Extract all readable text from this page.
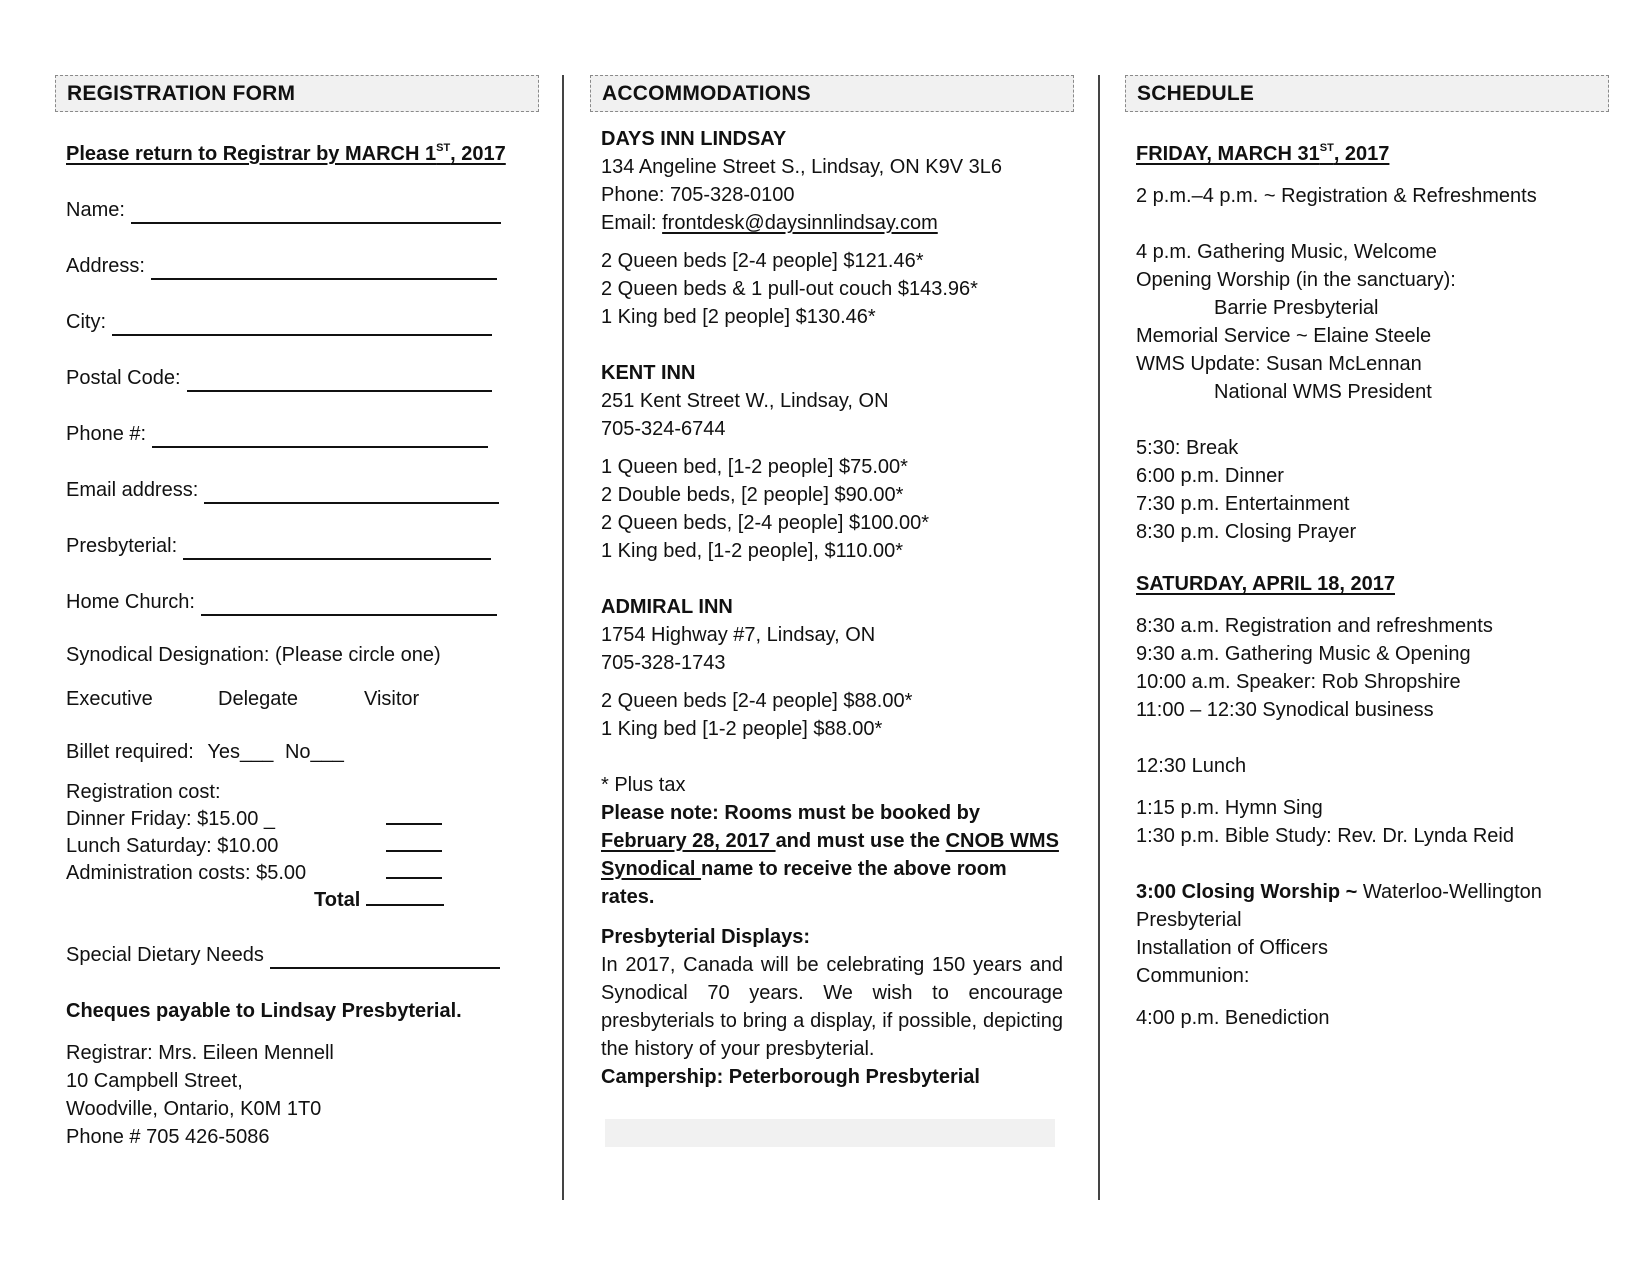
REGISTRATION FORM
Please return to Registrar by MARCH 1ST, 2017
Name:
Address:
City:
Postal Code:
Phone #:
Email address:
Presbyterial:
Home Church:
Synodical Designation: (Please circle one)
Executive	Delegate	Visitor
Billet required: Yes___ No___
Registration cost:
Dinner Friday: $15.00 _
Lunch Saturday: $10.00
Administration costs: $5.00
Total
Special Dietary Needs
Cheques payable to Lindsay Presbyterial.
Registrar: Mrs. Eileen Mennell
10 Campbell Street,
Woodville, Ontario, K0M 1T0
Phone # 705 426-5086
ACCOMMODATIONS
DAYS INN LINDSAY
134 Angeline Street S., Lindsay, ON K9V 3L6
Phone: 705-328-0100
Email: frontdesk@daysinnlindsay.com
2 Queen beds [2-4 people] $121.46*
2 Queen beds & 1 pull-out couch $143.96*
1 King bed [2 people] $130.46*
KENT INN
251 Kent Street W., Lindsay, ON
705-324-6744
1 Queen bed, [1-2 people] $75.00*
2 Double beds, [2 people] $90.00*
2 Queen beds, [2-4 people] $100.00*
1 King bed, [1-2 people], $110.00*
ADMIRAL INN
1754 Highway #7, Lindsay, ON
705-328-1743
2 Queen beds [2-4 people] $88.00*
1 King bed [1-2 people] $88.00*
* Plus tax
Please note: Rooms must be booked by February 28, 2017 and must use the CNOB WMS Synodical name to receive the above room rates.
Presbyterial Displays:

In 2017, Canada will be celebrating 150 years and Synodical 70 years. We wish to encourage presbyterials to bring a display, if possible, depicting the history of your presbyterial.

Campership: Peterborough Presbyterial
SCHEDULE
FRIDAY, MARCH 31ST, 2017
2 p.m.–4 p.m. ~ Registration & Refreshments
4 p.m. Gathering Music, Welcome
Opening Worship (in the sanctuary):
Barrie Presbyterial
Memorial Service ~ Elaine Steele
WMS Update: Susan McLennan
National WMS President
5:30: Break
6:00 p.m. Dinner
7:30 p.m. Entertainment
8:30 p.m. Closing Prayer
SATURDAY, APRIL 18, 2017
8:30 a.m. Registration and refreshments
9:30 a.m. Gathering Music & Opening
10:00 a.m. Speaker: Rob Shropshire
11:00 – 12:30 Synodical business
12:30 Lunch
1:15 p.m. Hymn Sing
1:30 p.m. Bible Study: Rev. Dr. Lynda Reid
3:00 Closing Worship ~ Waterloo-Wellington
Presbyterial
Installation of Officers
Communion:
4:00 p.m. Benediction
